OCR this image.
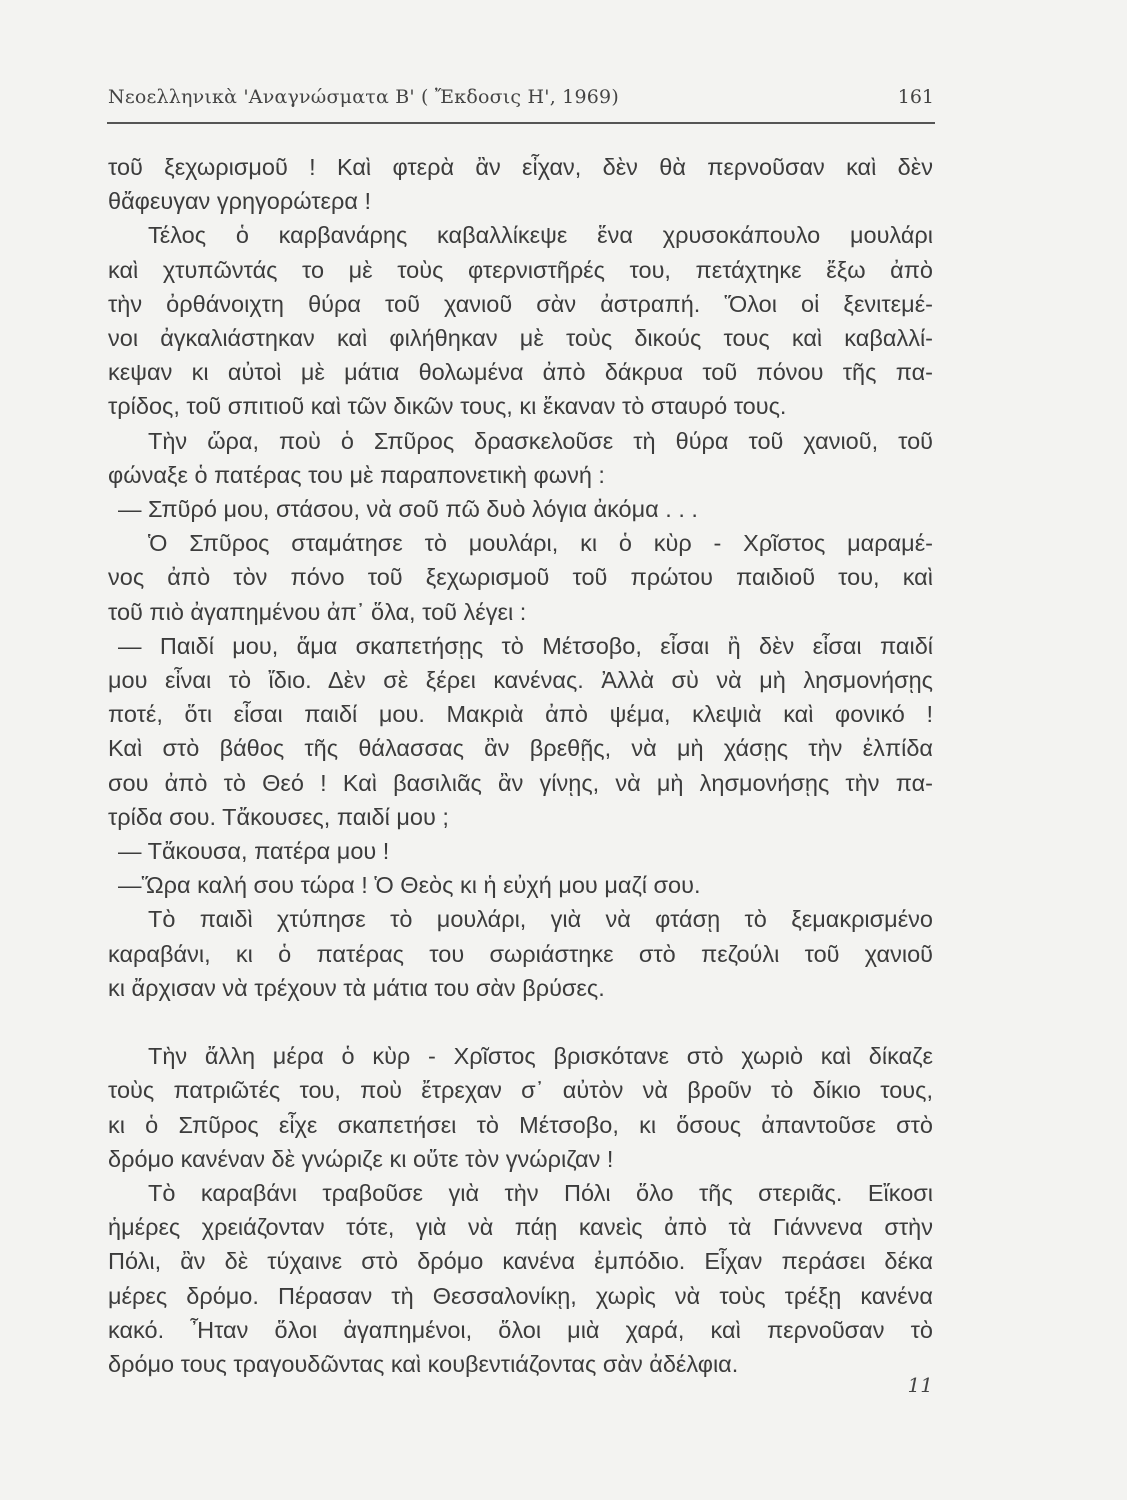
Νεοελληνικὰ 'Αναγνώσματα Β' ( Ἔκδοσις Η', 1969)	161
τοῦ ξεχωρισμοῦ ! Καὶ φτερὰ ἂν εἶχαν, δὲν θὰ περνοῦσαν καὶ δὲν
θἄφευγαν γρηγορώτερα !
Τέλος ὁ καρβανάρης καβαλλίκεψε ἕνα χρυσοκάπουλο μουλάρι
καὶ χτυπῶντάς το μὲ τοὺς φτερνιστῆρές του, πετάχτηκε ἔξω ἀπὸ
τὴν ὀρθάνοιχτη θύρα τοῦ χανιοῦ σὰν ἀστραπή. Ὅλοι οἱ ξενιτεμέ-
νοι ἀγκαλιάστηκαν καὶ φιλήθηκαν μὲ τοὺς δικούς τους καὶ καβαλλί-
κεψαν κι αὐτοὶ μὲ μάτια θολωμένα ἀπὸ δάκρυα τοῦ πόνου τῆς πα-
τρίδος, τοῦ σπιτιοῦ καὶ τῶν δικῶν τους, κι ἔκαναν τὸ σταυρό τους.
Τὴν ὥρα, ποὺ ὁ Σπῦρος δρασκελοῦσε τὴ θύρα τοῦ χανιοῦ, τοῦ
φώναξε ὁ πατέρας του μὲ παραπονετικὴ φωνή :
— Σπῦρό μου, στάσου, νὰ σοῦ πῶ δυὸ λόγια ἀκόμα . . .
Ὁ Σπῦρος σταμάτησε τὸ μουλάρι, κι ὁ κὺρ - Χρῖστος μαραμέ-
νος ἀπὸ τὸν πόνο τοῦ ξεχωρισμοῦ τοῦ πρώτου παιδιοῦ του, καὶ
τοῦ πιὸ ἀγαπημένου ἀπ᾿ ὅλα, τοῦ λέγει :
— Παιδί μου, ἅμα σκαπετήσῃς τὸ Μέτσοβο, εἶσαι ἢ δὲν εἶσαι παιδί
μου εἶναι τὸ ἴδιο. Δὲν σὲ ξέρει κανένας. Ἀλλὰ σὺ νὰ μὴ λησμονήσῃς
ποτέ, ὅτι εἶσαι παιδί μου. Μακριὰ ἀπὸ ψέμα, κλεψιὰ καὶ φονικό !
Καὶ στὸ βάθος τῆς θάλασσας ἂν βρεθῇς, νὰ μὴ χάσῃς τὴν ἐλπίδα
σου ἀπὸ τὸ Θεό ! Καὶ βασιλιᾶς ἂν γίνῃς, νὰ μὴ λησμονήσῃς τὴν πα-
τρίδα σου. Τἄκουσες, παιδί μου ;
— Τἄκουσα, πατέρα μου !
—Ὥρα καλή σου τώρα ! Ὁ Θεὸς κι ἡ εὐχή μου μαζί σου.
Τὸ παιδὶ χτύπησε τὸ μουλάρι, γιὰ νὰ φτάσῃ τὸ ξεμακρισμένο
καραβάνι, κι ὁ πατέρας του σωριάστηκε στὸ πεζούλι τοῦ χανιοῦ
κι ἄρχισαν νὰ τρέχουν τὰ μάτια του σὰν βρύσες.
Τὴν ἄλλη μέρα ὁ κὺρ - Χρῖστος βρισκότανε στὸ χωριὸ καὶ δίκαζε
τοὺς πατριῶτές του, ποὺ ἔτρεχαν σ᾿ αὐτὸν νὰ βροῦν τὸ δίκιο τους,
κι ὁ Σπῦρος εἶχε σκαπετήσει τὸ Μέτσοβο, κι ὅσους ἀπαντοῦσε στὸ
δρόμο κανέναν δὲ γνώριζε κι οὔτε τὸν γνώριζαν !
Τὸ καραβάνι τραβοῦσε γιὰ τὴν Πόλι ὅλο τῆς στεριᾶς. Εἴκοσι
ἡμέρες χρειάζονταν τότε, γιὰ νὰ πάῃ κανεὶς ἀπὸ τὰ Γιάννενα στὴν
Πόλι, ἂν δὲ τύχαινε στὸ δρόμο κανένα ἐμπόδιο. Εἶχαν περάσει δέκα
μέρες δρόμο. Πέρασαν τὴ Θεσσαλονίκῃ, χωρὶς νὰ τοὺς τρέξῃ κανένα
κακό. Ἦταν ὅλοι ἀγαπημένοι, ὅλοι μιὰ χαρά, καὶ περνοῦσαν τὸ
δρόμο τους τραγουδῶντας καὶ κουβεντιάζοντας σὰν ἀδέλφια.
11
